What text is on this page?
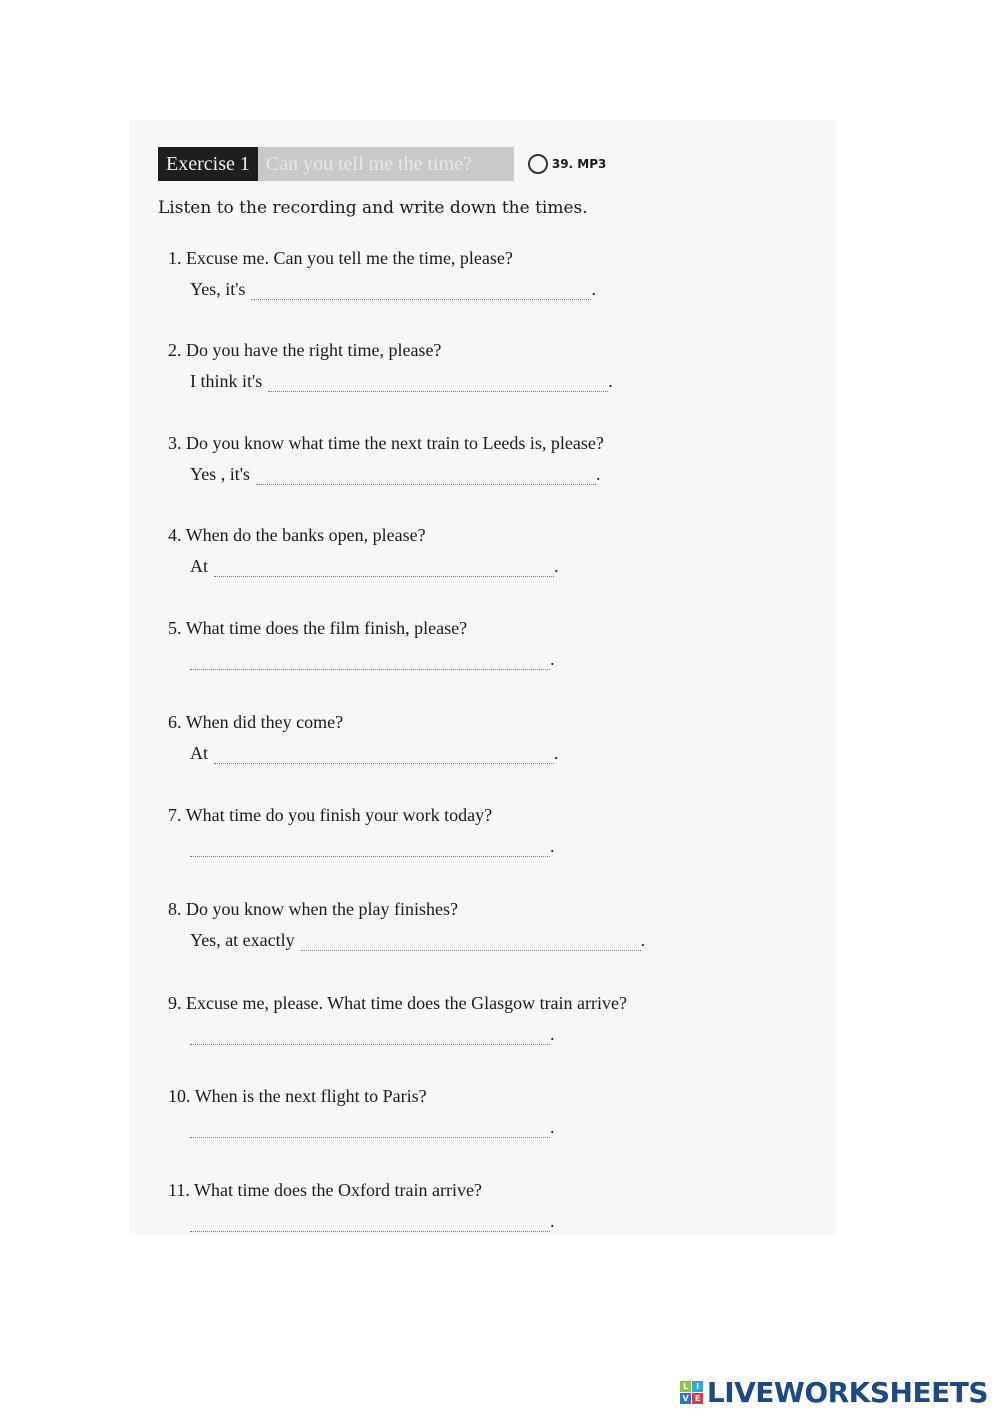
Exercise 1 Can you tell me the time?	39. MP3
Listen to the recording and write down the times.
1. Excuse me. Can you tell me the time, please?
Yes, it's	.
2. Do you have the right time, please?
I think it's	.
3. Do you know what time the next train to Leeds is, please?
Yes , it's	.
4. When do the banks open, please?
At	.
5. What time does the film finish, please?
.
6. When did they come?
At	.
7. What time do you finish your work today?
.
8. Do you know when the play finishes?
Yes, at exactly	.
9. Excuse me, please. What time does the Glasgow train arrive?
.
10. When is the next flight to Paris?
.
11. What time does the Oxford train arrive?
.
L	I
V E LIVEWORKSHEETS
